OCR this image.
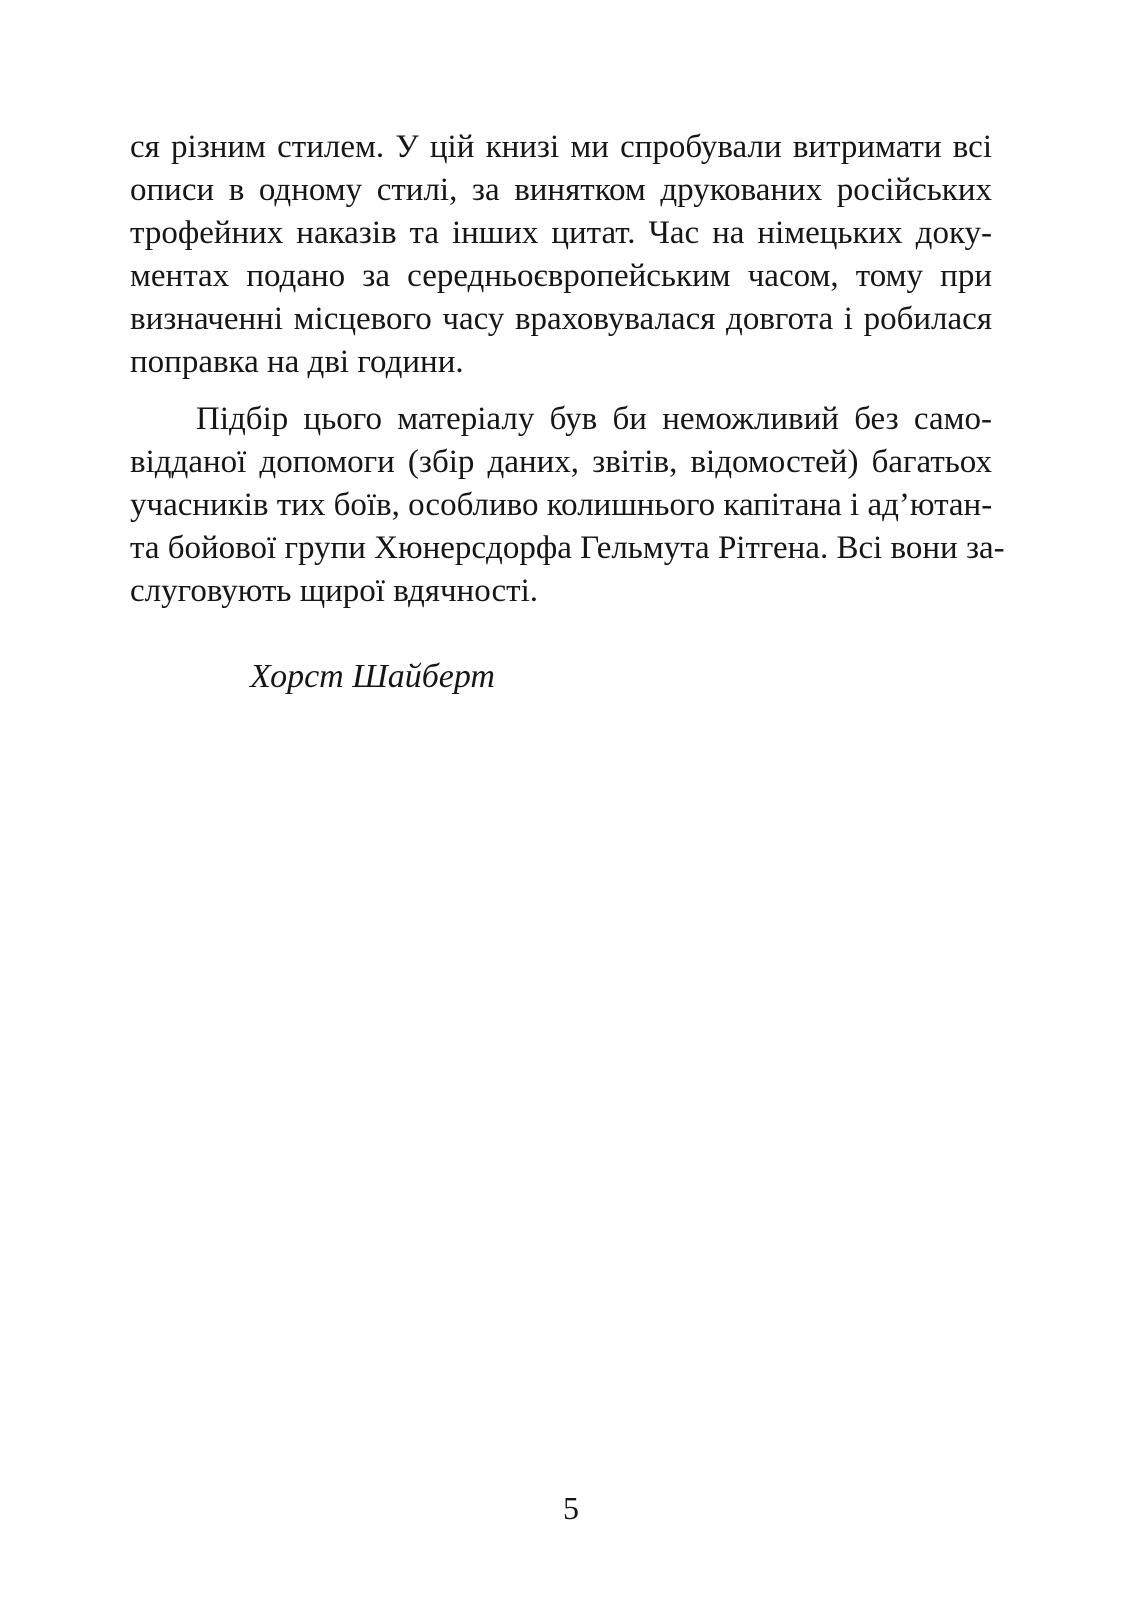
ся різним стилем. У цій книзі ми спробували витримати всі
описи в одному стилі, за винятком друкованих російських
трофейних наказів та інших цитат. Час на німецьких доку-
ментах подано за середньоєвропейським часом, тому при
визначенні місцевого часу враховувалася довгота і робилася
поправка на дві години.
Підбір цього матеріалу був би неможливий без само-
відданої допомоги (збір даних, звітів, відомостей) багатьох
учасників тих боїв, особливо колишнього капітана і ад’ютан-
та бойової групи Хюнерсдорфа Гельмута Рітгена. Всі вони за-
слуговують щирої вдячності.
Хорст Шайберт
5
